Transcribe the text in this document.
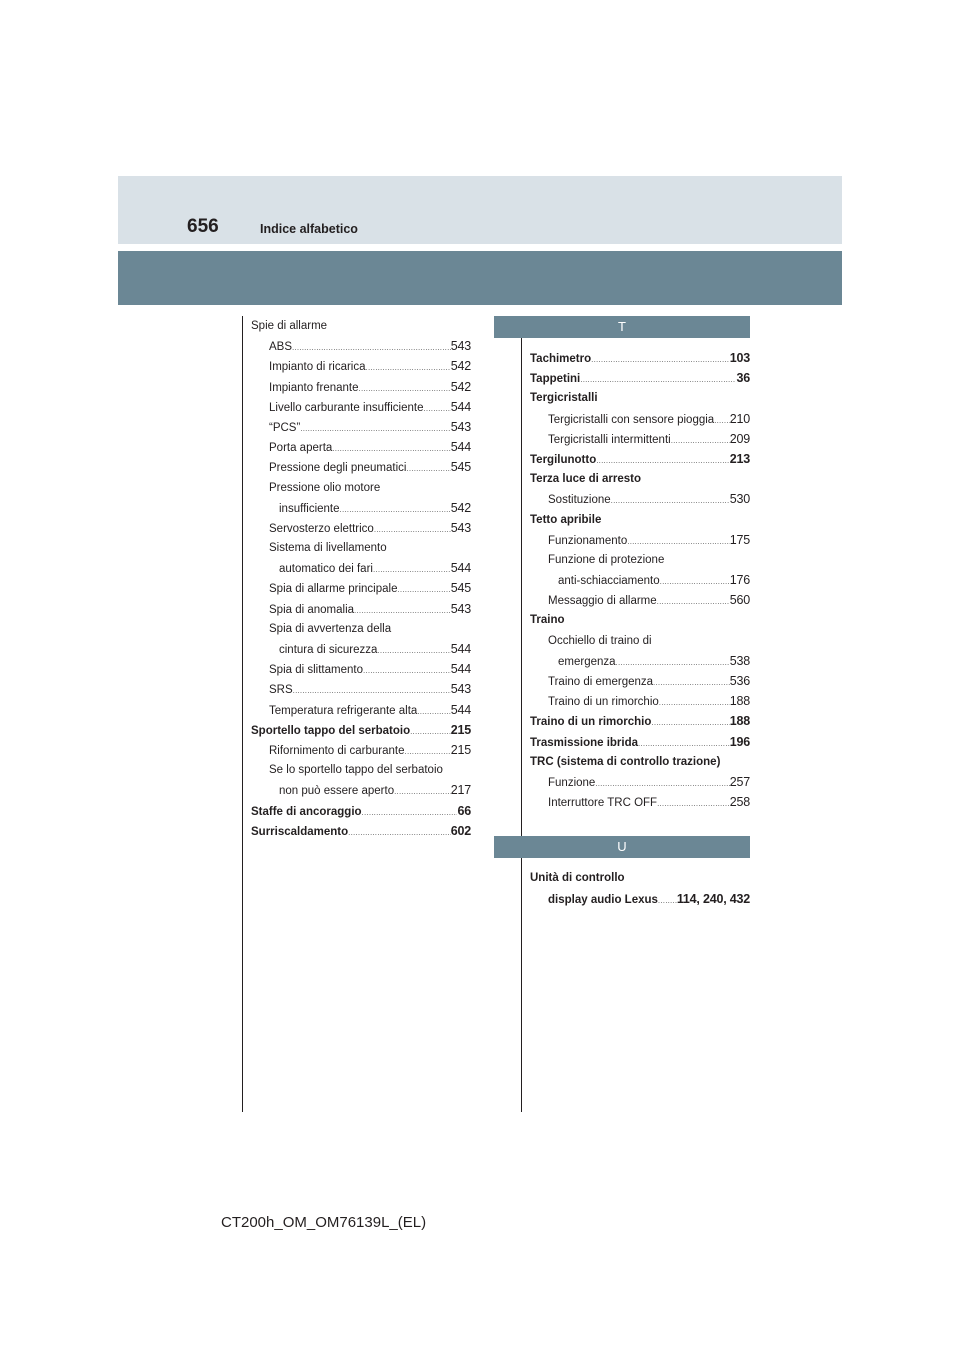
656	Indice alfabetico
Spie di allarme
ABS .....	543
Impianto di ricarica .....	542
Impianto frenante .....	542
Livello carburante insufficiente ..... 544
“PCS” .....	543
Porta aperta .....	544
Pressione degli pneumatici .....	545
Pressione olio motore
insufficiente .....	542
Servosterzo elettrico .....	543
Sistema di livellamento
automatico dei fari .....	544
Spia di allarme principale .....	545
Spia di anomalia .....	543
Spia di avvertenza della
cintura di sicurezza .....	544
Spia di slittamento .....	544
SRS .....	543
Temperatura refrigerante alta .....	544
Sportello tappo del serbatoio .....	215
Rifornimento di carburante .....	215
Se lo sportello tappo del serbatoio
non può essere aperto .....	217
Staffe di ancoraggio .....	66
Surriscaldamento .....	602
T
Tachimetro .....	103
Tappetini .....	36
Tergicristalli
Tergicristalli con sensore pioggia ..... 210
Tergicristalli intermittenti .....	209
Tergilunotto .....	213
Terza luce di arresto
Sostituzione .....	530
Tetto apribile
Funzionamento .....	175
Funzione di protezione
anti-schiacciamento .....	176
Messaggio di allarme .....	560
Traino
Occhiello di traino di
emergenza .....	538
Traino di emergenza .....	536
Traino di un rimorchio .....	188
Traino di un rimorchio .....	188
Trasmissione ibrida .....	196
TRC (sistema di controllo trazione)
Funzione .....	257
Interruttore TRC OFF .....	258
U
Unità di controllo
display audio Lexus ..... 114, 240, 432
CT200h_OM_OM76139L_(EL)
